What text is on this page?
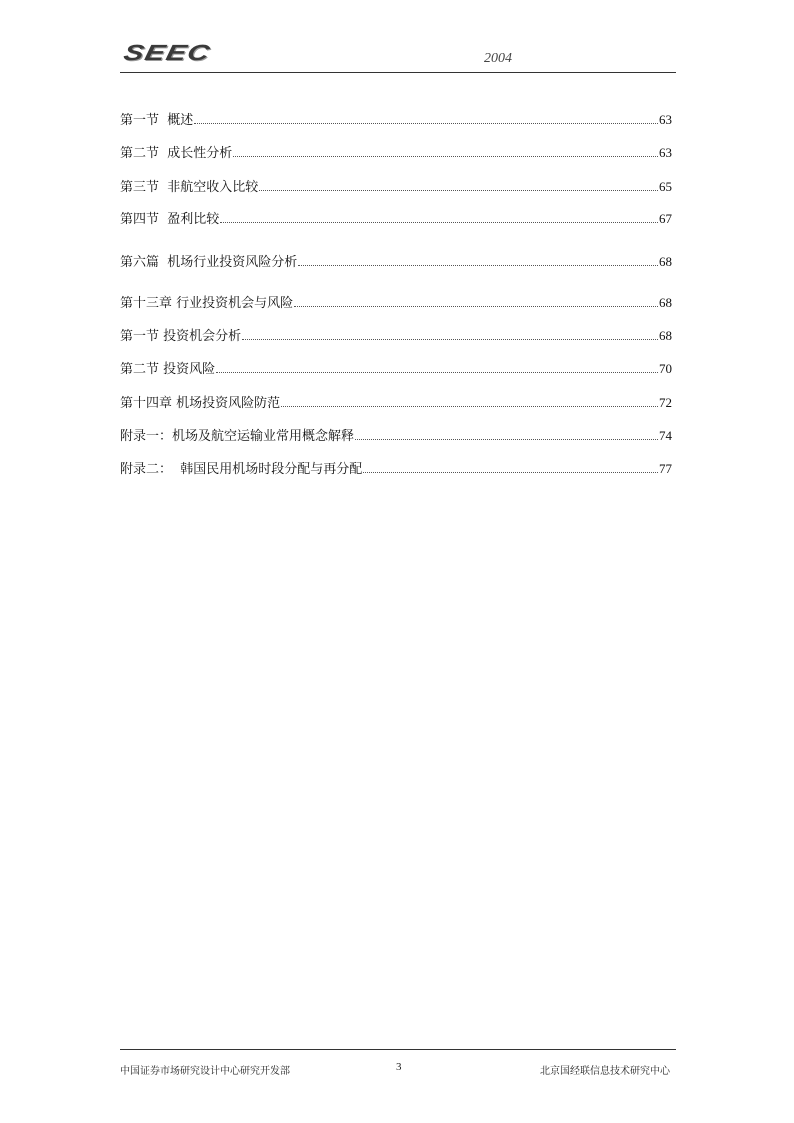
SEEC	2004
第一节 概述	63
第二节 成长性分析	63
第三节 非航空收入比较	65
第四节 盈利比较	67
第六篇 机场行业投资风险分析	68
第十三章 行业投资机会与风险	68
第一节 投资机会分析	68
第二节 投资风险	70
第十四章 机场投资风险防范	72
附录一： 机场及航空运输业常用概念解释	74
附录二： 韩国民用机场时段分配与再分配	77
中国证券市场研究设计中心研究开发部	3	北京国经联信息技术研究中心
